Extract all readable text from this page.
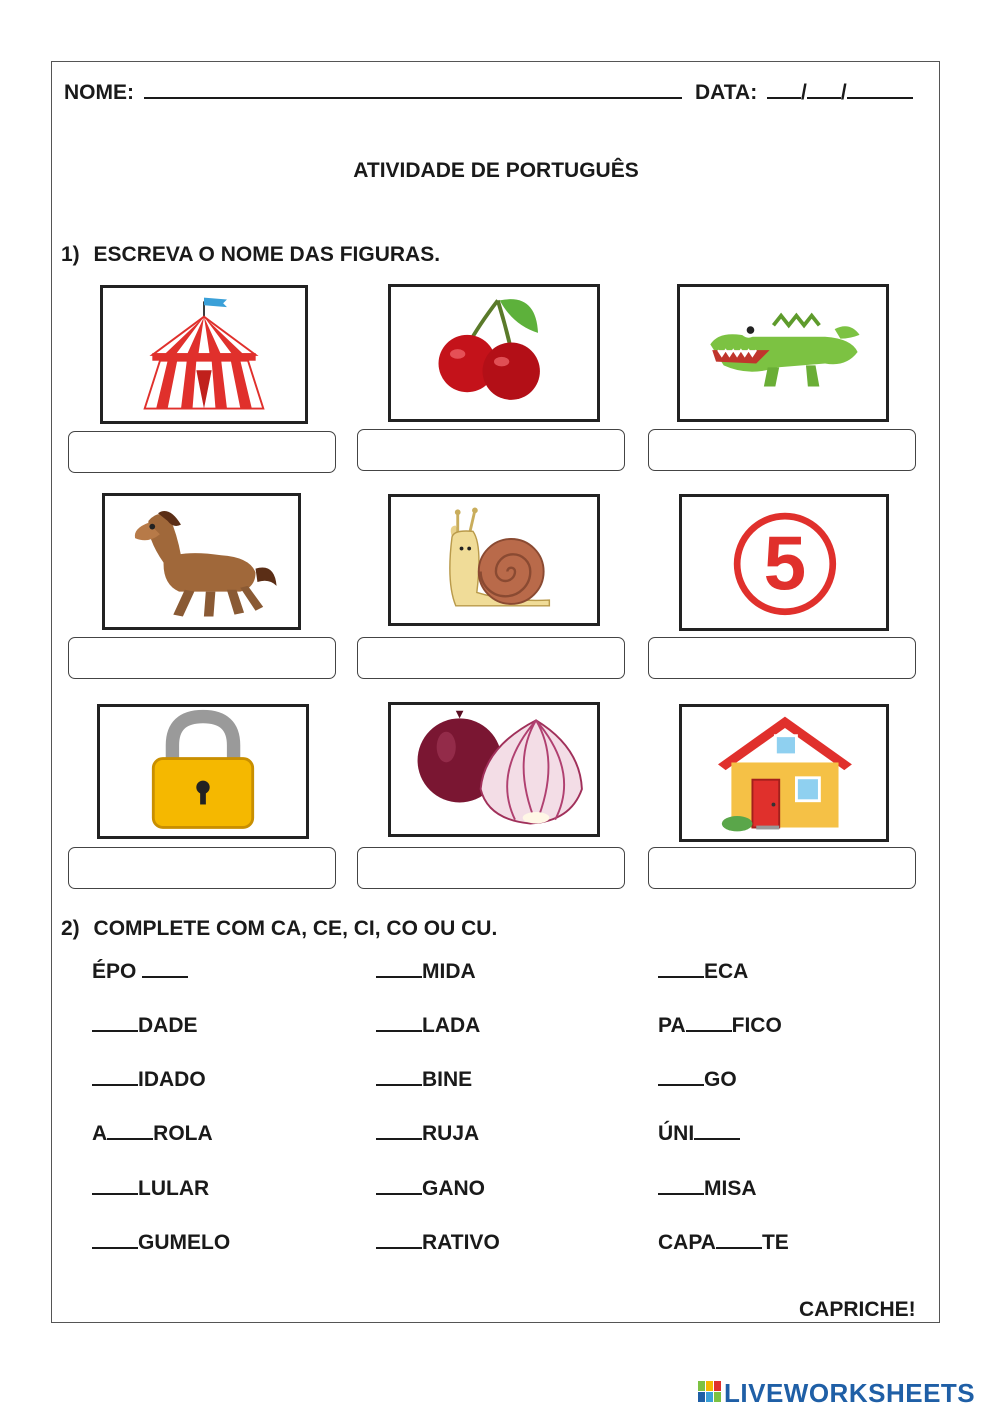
NOME:	DATA: / /
ATIVIDADE DE PORTUGUÊS
1) ESCREVA O NOME DAS FIGURAS.
5
2) COMPLETE COM CA, CE, CI, CO OU CU.
ÉPO	MIDA	ECA
DADE	LADA	PA FICO
IDADO	BINE	GO
A ROLA	RUJA	ÚNI
LULAR	GANO	MISA
GUMELO	RATIVO	CAPA TE
CAPRICHE!
LIVEWORKSHEETS
